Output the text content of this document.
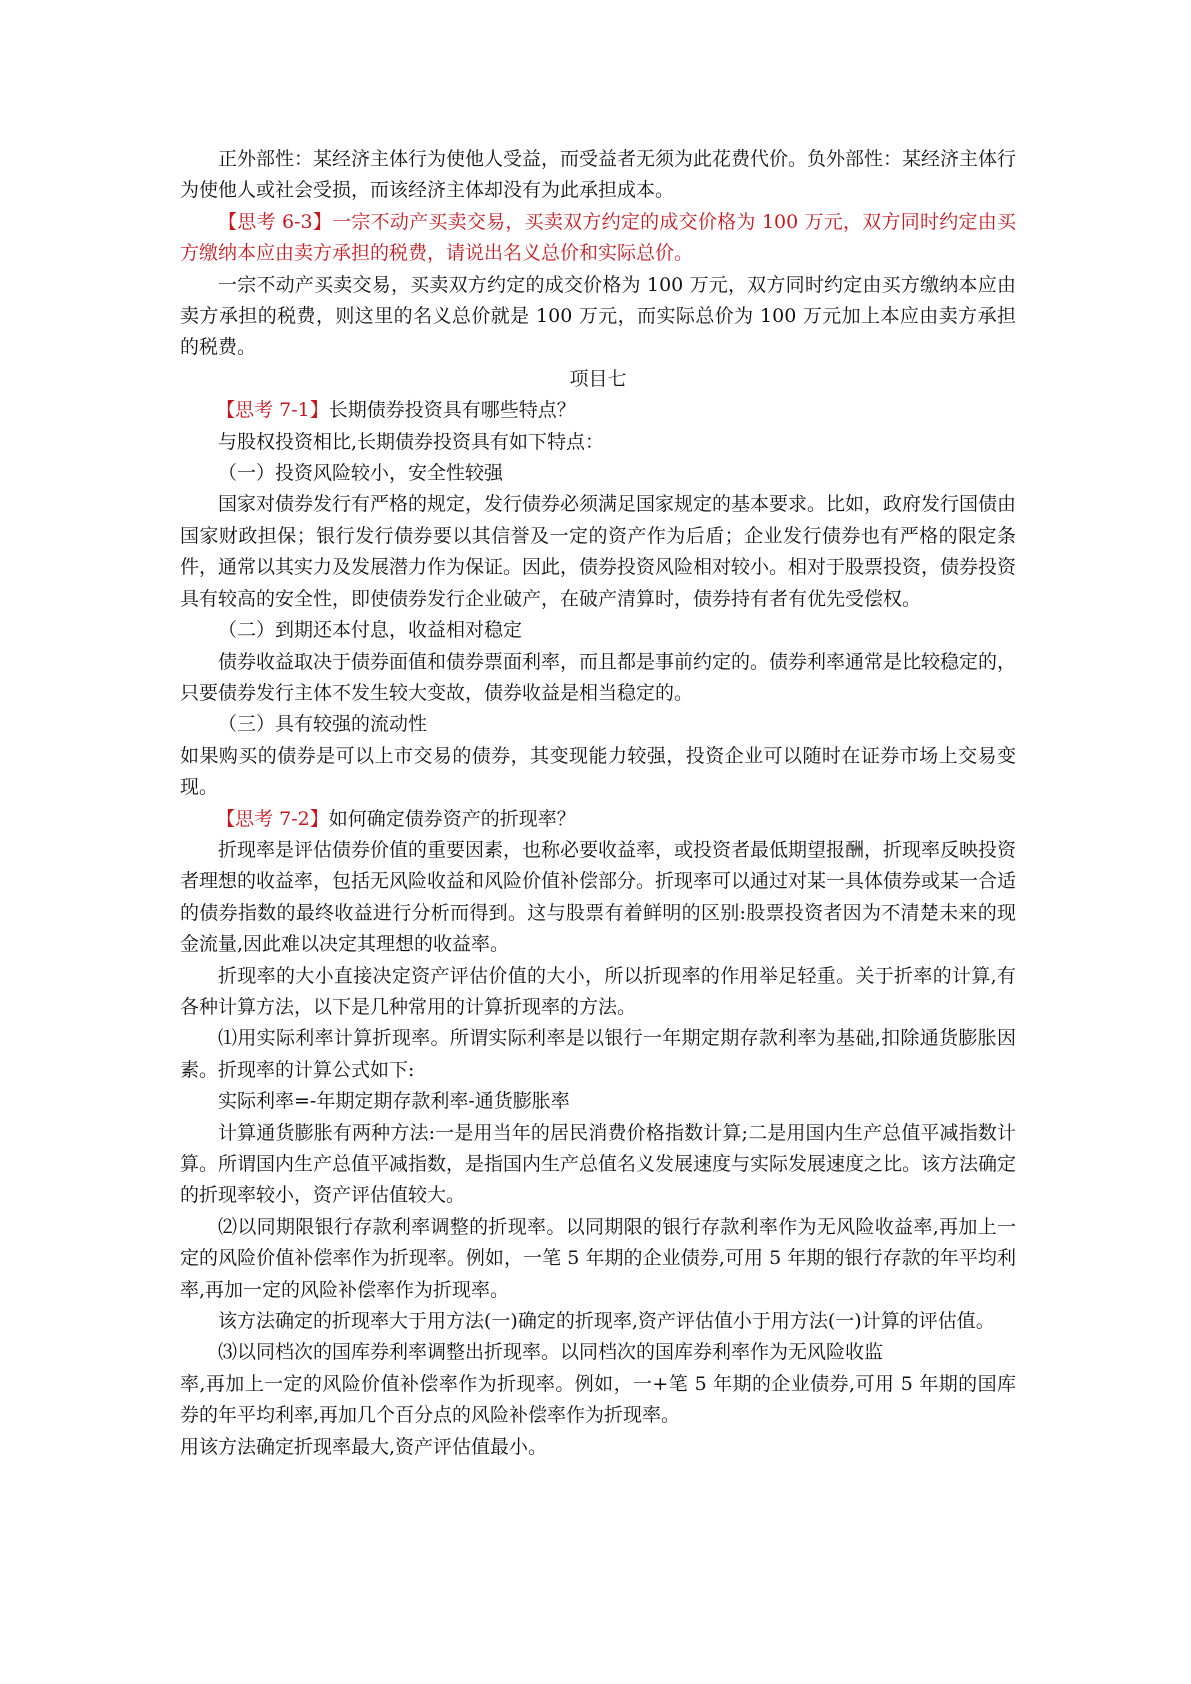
正外部性：某经济主体行为使他人受益，而受益者无须为此花费代价。负外部性：某经济主体行为使他人或社会受损，而该经济主体却没有为此承担成本。

【思考 6-3】一宗不动产买卖交易，买卖双方约定的成交价格为 100 万元，双方同时约定由买方缴纳本应由卖方承担的税费，请说出名义总价和实际总价。

一宗不动产买卖交易，买卖双方约定的成交价格为 100 万元，双方同时约定由买方缴纳本应由卖方承担的税费，则这里的名义总价就是 100 万元，而实际总价为 100 万元加上本应由卖方承担的税费。

项目七

【思考 7-1】长期债券投资具有哪些特点？

与股权投资相比,长期债券投资具有如下特点：

（一）投资风险较小，安全性较强

国家对债券发行有严格的规定，发行债券必须满足国家规定的基本要求。比如，政府发行国债由国家财政担保；银行发行债券要以其信誉及一定的资产作为后盾；企业发行债券也有严格的限定条件，通常以其实力及发展潜力作为保证。因此，债券投资风险相对较小。相对于股票投资，债券投资具有较高的安全性，即使债券发行企业破产，在破产清算时，债券持有者有优先受偿权。

（二）到期还本付息，收益相对稳定

债券收益取决于债券面值和债券票面利率，而且都是事前约定的。债券利率通常是比较稳定的，只要债券发行主体不发生较大变故，债券收益是相当稳定的。

（三）具有较强的流动性

如果购买的债券是可以上市交易的债券，其变现能力较强，投资企业可以随时在证券市场上交易变现。

【思考 7-2】如何确定债券资产的折现率？

折现率是评估债券价值的重要因素，也称必要收益率，或投资者最低期望报酬，折现率反映投资者理想的收益率，包括无风险收益和风险价值补偿部分。折现率可以通过对某一具体债券或某一合适的债券指数的最终收益进行分析而得到。这与股票有着鲜明的区别:股票投资者因为不清楚未来的现金流量,因此难以决定其理想的收益率。

折现率的大小直接决定资产评估价值的大小，所以折现率的作用举足轻重。关于折率的计算,有各种计算方法，以下是几种常用的计算折现率的方法。

⑴用实际利率计算折现率。所谓实际利率是以银行一年期定期存款利率为基础,扣除通货膨胀因素。折现率的计算公式如下:

实际利率=-年期定期存款利率-通货膨胀率

计算通货膨胀有两种方法:一是用当年的居民消费价格指数计算;二是用国内生产总值平减指数计算。所谓国内生产总值平减指数，是指国内生产总值名义发展速度与实际发展速度之比。该方法确定的折现率较小，资产评估值较大。

⑵以同期限银行存款利率调整的折现率。以同期限的银行存款利率作为无风险收益率,再加上一定的风险价值补偿率作为折现率。例如，一笔 5 年期的企业债券,可用 5 年期的银行存款的年平均利率,再加一定的风险补偿率作为折现率。

该方法确定的折现率大于用方法(一)确定的折现率,资产评估值小于用方法(一)计算的评估值。

⑶以同档次的国库券利率调整出折现率。以同档次的国库券利率作为无风险收监

率,再加上一定的风险价值补偿率作为折现率。例如，一+笔 5 年期的企业债券,可用 5 年期的国库券的年平均利率,再加几个百分点的风险补偿率作为折现率。

用该方法确定折现率最大,资产评估值最小。
